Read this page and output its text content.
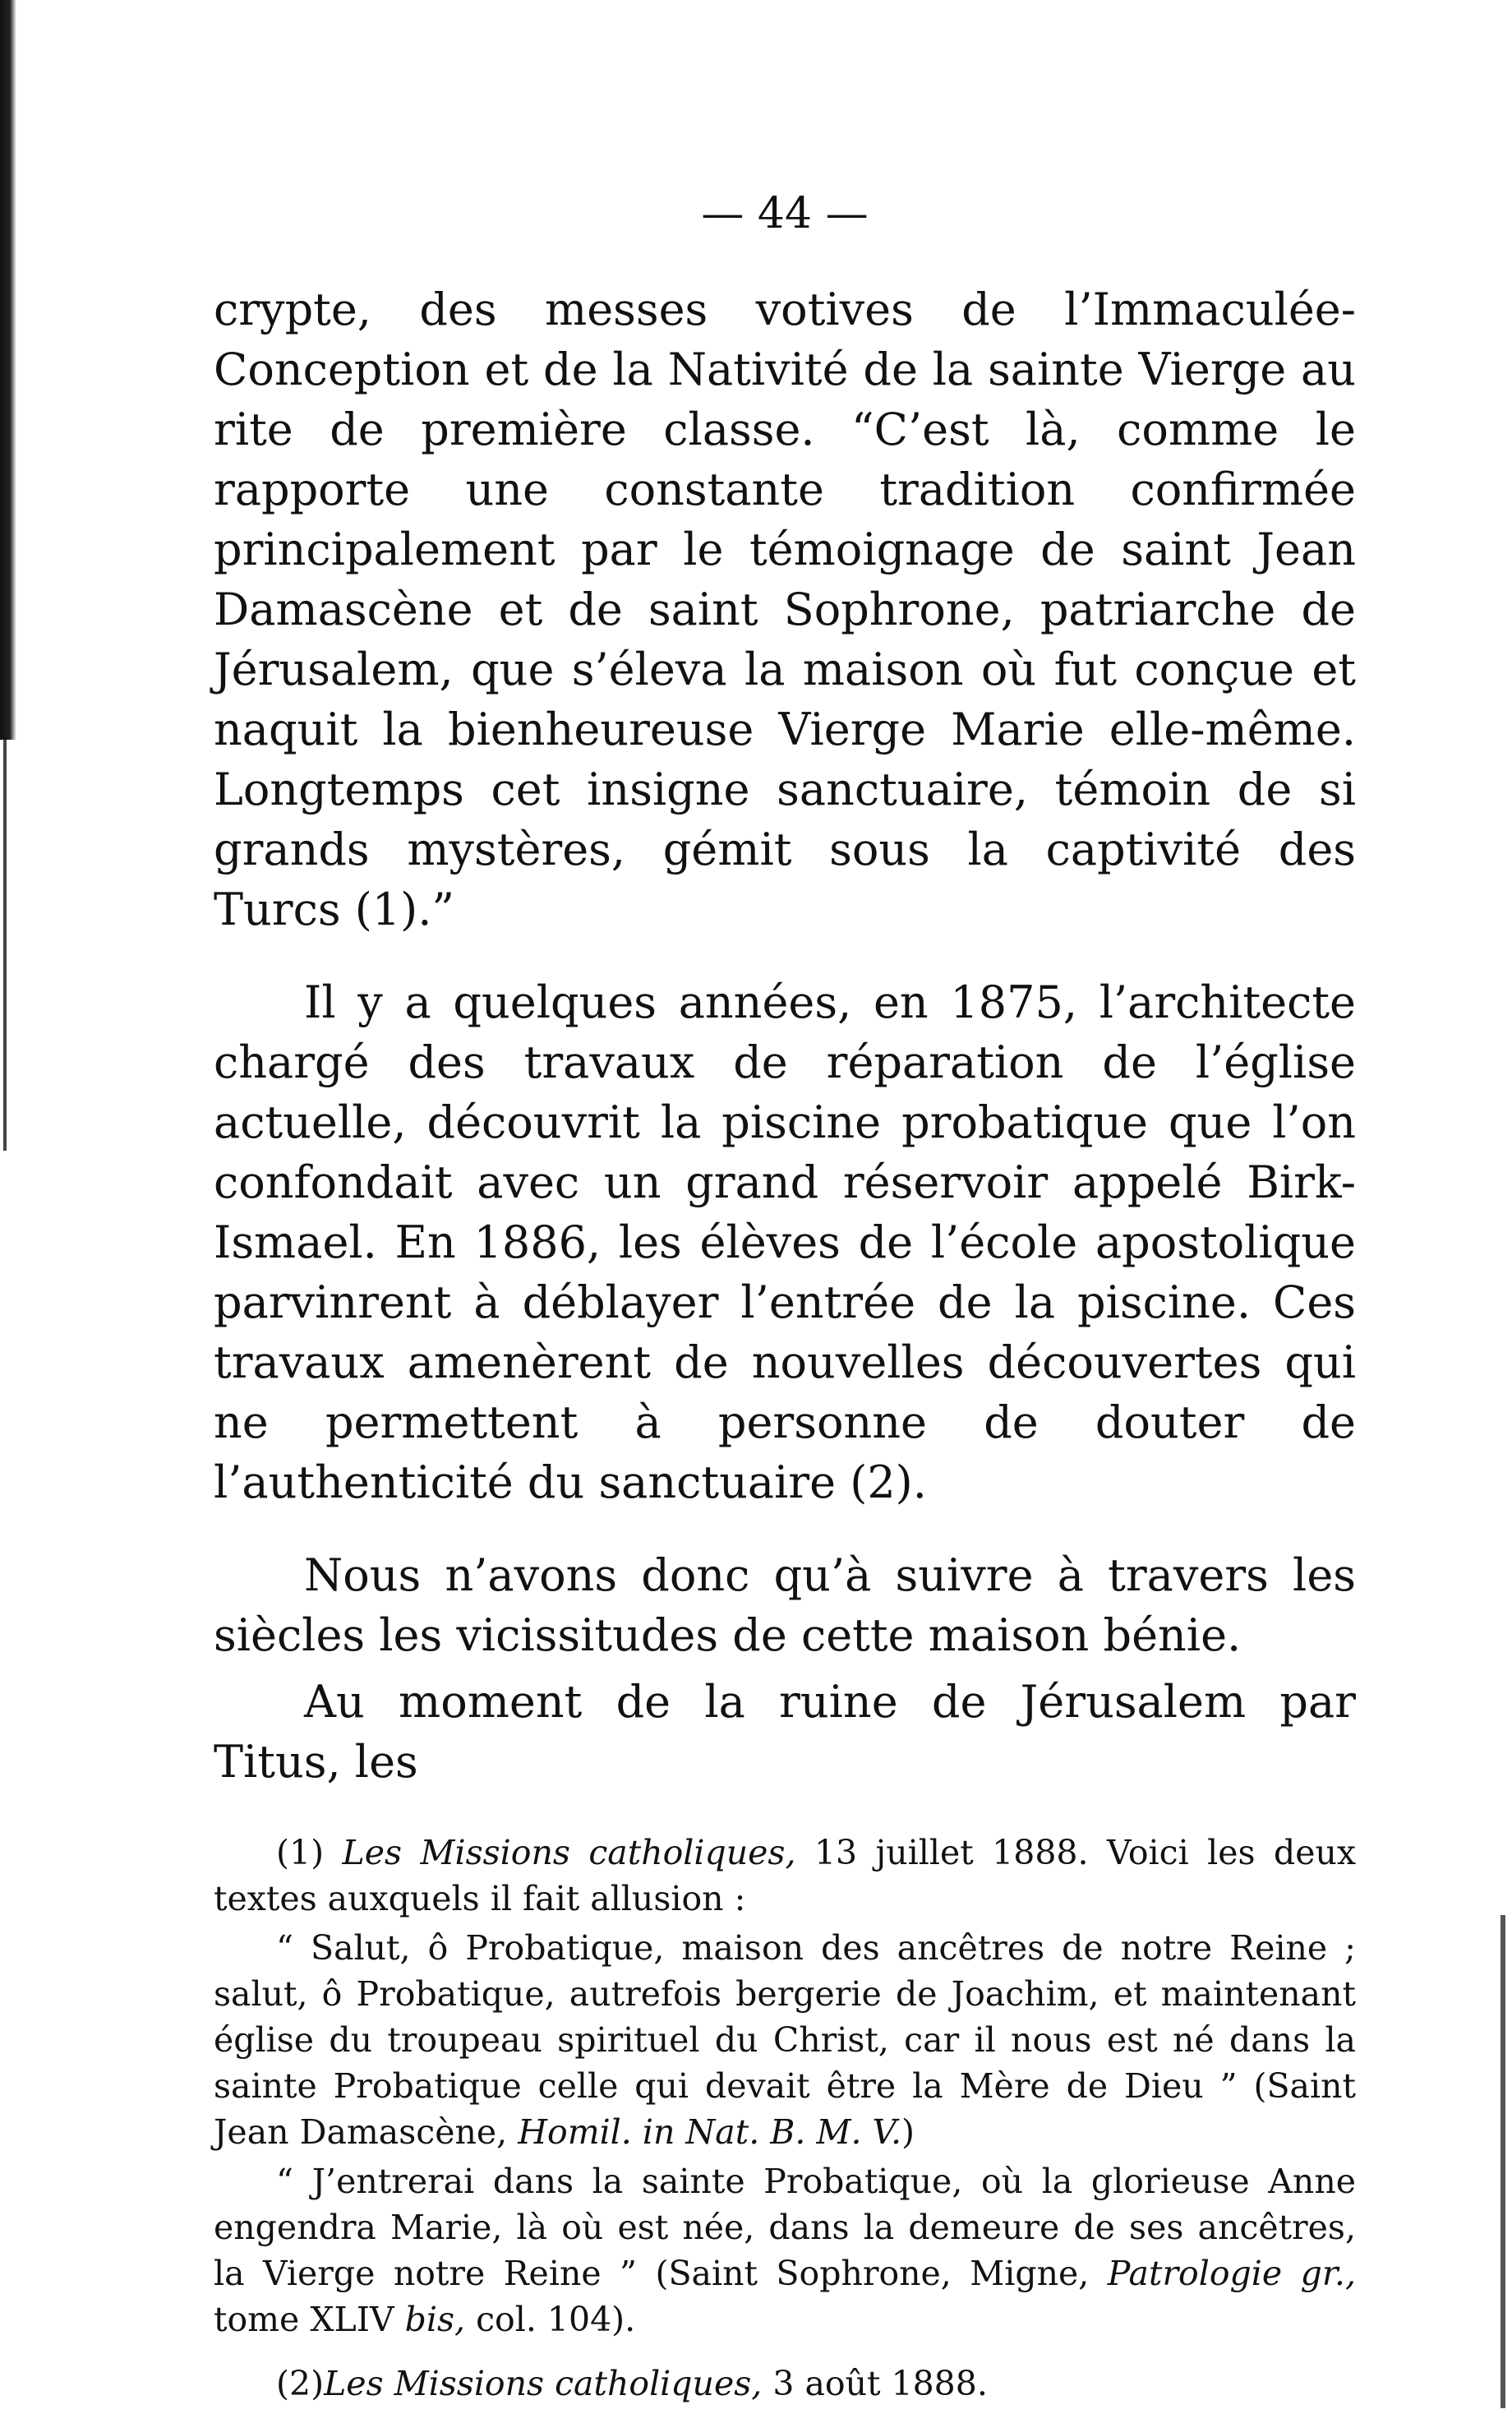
— 44 —

crypte, des messes votives de l’Immaculée-Conception et de la Nativité de la sainte Vierge au rite de première classe. “C’est là, comme le rapporte une constante tradition confirmée principalement par le témoignage de saint Jean Damascène et de saint Sophrone, patriarche de Jérusalem, que s’éleva la maison où fut conçue et naquit la bienheureuse Vierge Marie elle-même. Longtemps cet insigne sanctuaire, témoin de si grands mystères, gémit sous la captivité des Turcs (1).”

Il y a quelques années, en 1875, l’architecte chargé des travaux de réparation de l’église actuelle, découvrit la piscine probatique que l’on confondait avec un grand réservoir appelé Birk-Ismael. En 1886, les élèves de l’école apostolique parvinrent à déblayer l’entrée de la piscine. Ces travaux amenèrent de nouvelles découvertes qui ne permettent à personne de douter de l’authenticité du sanctuaire (2).

Nous n’avons donc qu’à suivre à travers les siècles les vicissitudes de cette maison bénie.

Au moment de la ruine de Jérusalem par Titus, les

(1) Les Missions catholiques, 13 juillet 1888. Voici les deux textes auxquels il fait allusion :

“ Salut, ô Probatique, maison des ancêtres de notre Reine ; salut, ô Probatique, autrefois bergerie de Joachim, et maintenant église du troupeau spirituel du Christ, car il nous est né dans la sainte Probatique celle qui devait être la Mère de Dieu ” (Saint Jean Damascène, Homil. in Nat. B. M. V.)

“ J’entrerai dans la sainte Probatique, où la glorieuse Anne engendra Marie, là où est née, dans la demeure de ses ancêtres, la Vierge notre Reine ” (Saint Sophrone, Migne, Patrologie gr., tome XLIV bis, col. 104).

(2)Les Missions catholiques, 3 août 1888.
